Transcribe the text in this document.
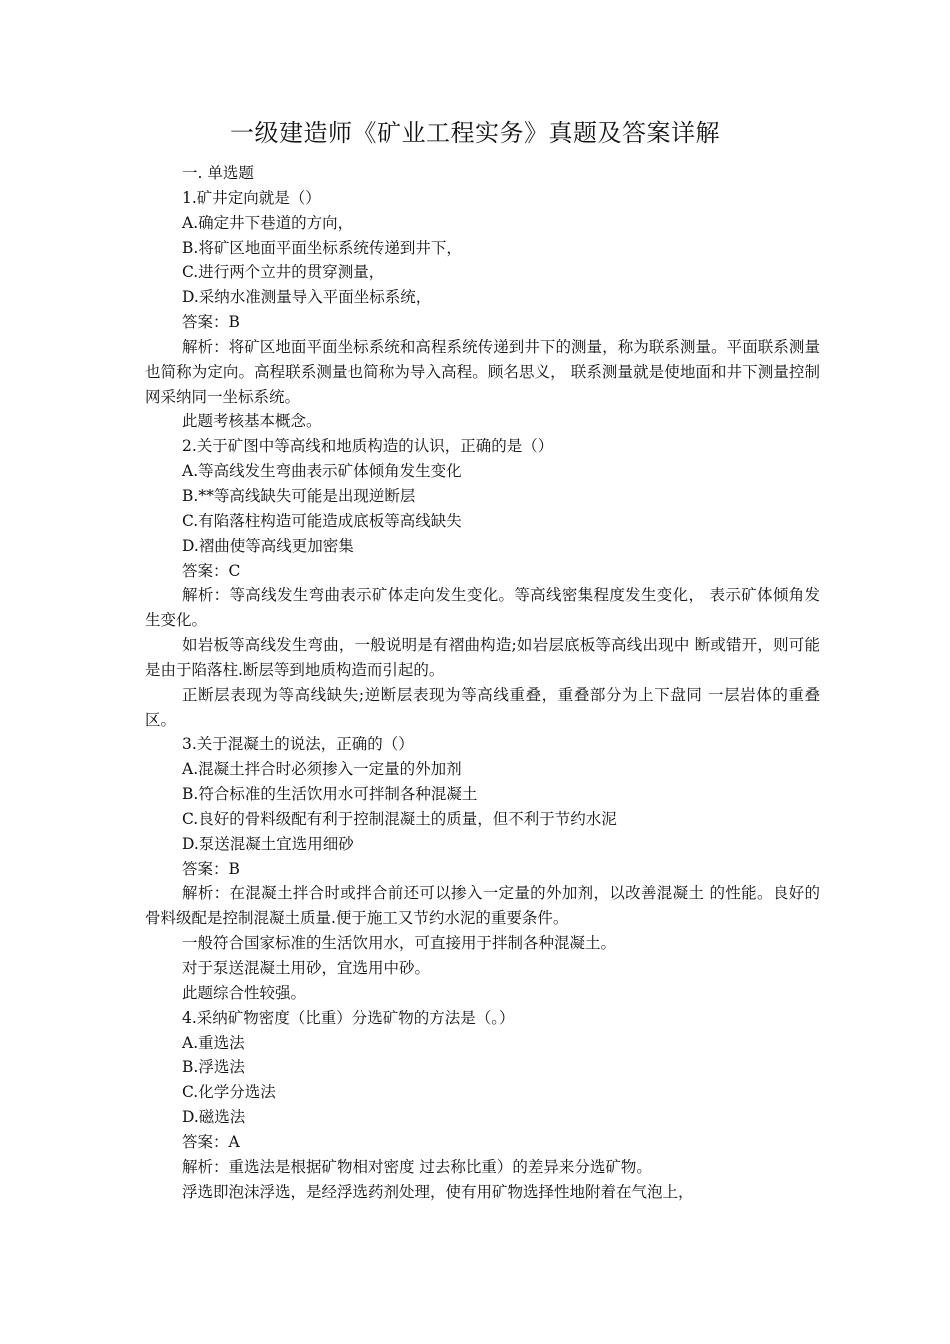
一级建造师《矿业工程实务》真题及答案详解
一. 单选题
1.矿井定向就是（）
A.确定井下巷道的方向，
B.将矿区地面平面坐标系统传递到井下，
C.进行两个立井的贯穿测量，
D.采纳水准测量导入平面坐标系统，
答案：B
解析：将矿区地面平面坐标系统和高程系统传递到井下的测量，称为联系测量。平面联系测量也简称为定向。高程联系测量也简称为导入高程。顾名思义， 联系测量就是使地面和井下测量控制网采纳同一坐标系统。
此题考核基本概念。
2.关于矿图中等高线和地质构造的认识，正确的是（）
A.等高线发生弯曲表示矿体倾角发生变化
B.**等高线缺失可能是出现逆断层
C.有陷落柱构造可能造成底板等高线缺失
D.褶曲使等高线更加密集
答案：C
解析：等高线发生弯曲表示矿体走向发生变化。等高线密集程度发生变化， 表示矿体倾角发生变化。
如岩板等高线发生弯曲，一般说明是有褶曲构造;如岩层底板等高线出现中 断或错开，则可能是由于陷落柱.断层等到地质构造而引起的。
正断层表现为等高线缺失;逆断层表现为等高线重叠，重叠部分为上下盘同 一层岩体的重叠区。
3.关于混凝土的说法，正确的（）
A.混凝土拌合时必须掺入一定量的外加剂
B.符合标准的生活饮用水可拌制各种混凝土
C.良好的骨料级配有利于控制混凝土的质量，但不利于节约水泥
D.泵送混凝土宜选用细砂
答案：B
解析：在混凝土拌合时或拌合前还可以掺入一定量的外加剂，以改善混凝土 的性能。良好的骨料级配是控制混凝土质量.便于施工又节约水泥的重要条件。
一般符合国家标准的生活饮用水，可直接用于拌制各种混凝土。
对于泵送混凝土用砂，宜选用中砂。
此题综合性较强。
4.采纳矿物密度（比重）分选矿物的方法是（。）
A.重选法
B.浮选法
C.化学分选法
D.磁选法
答案：A
解析：重选法是根据矿物相对密度 过去称比重）的差异来分选矿物。
浮选即泡沫浮选，是经浮选药剂处理，使有用矿物选择性地附着在气泡上，
